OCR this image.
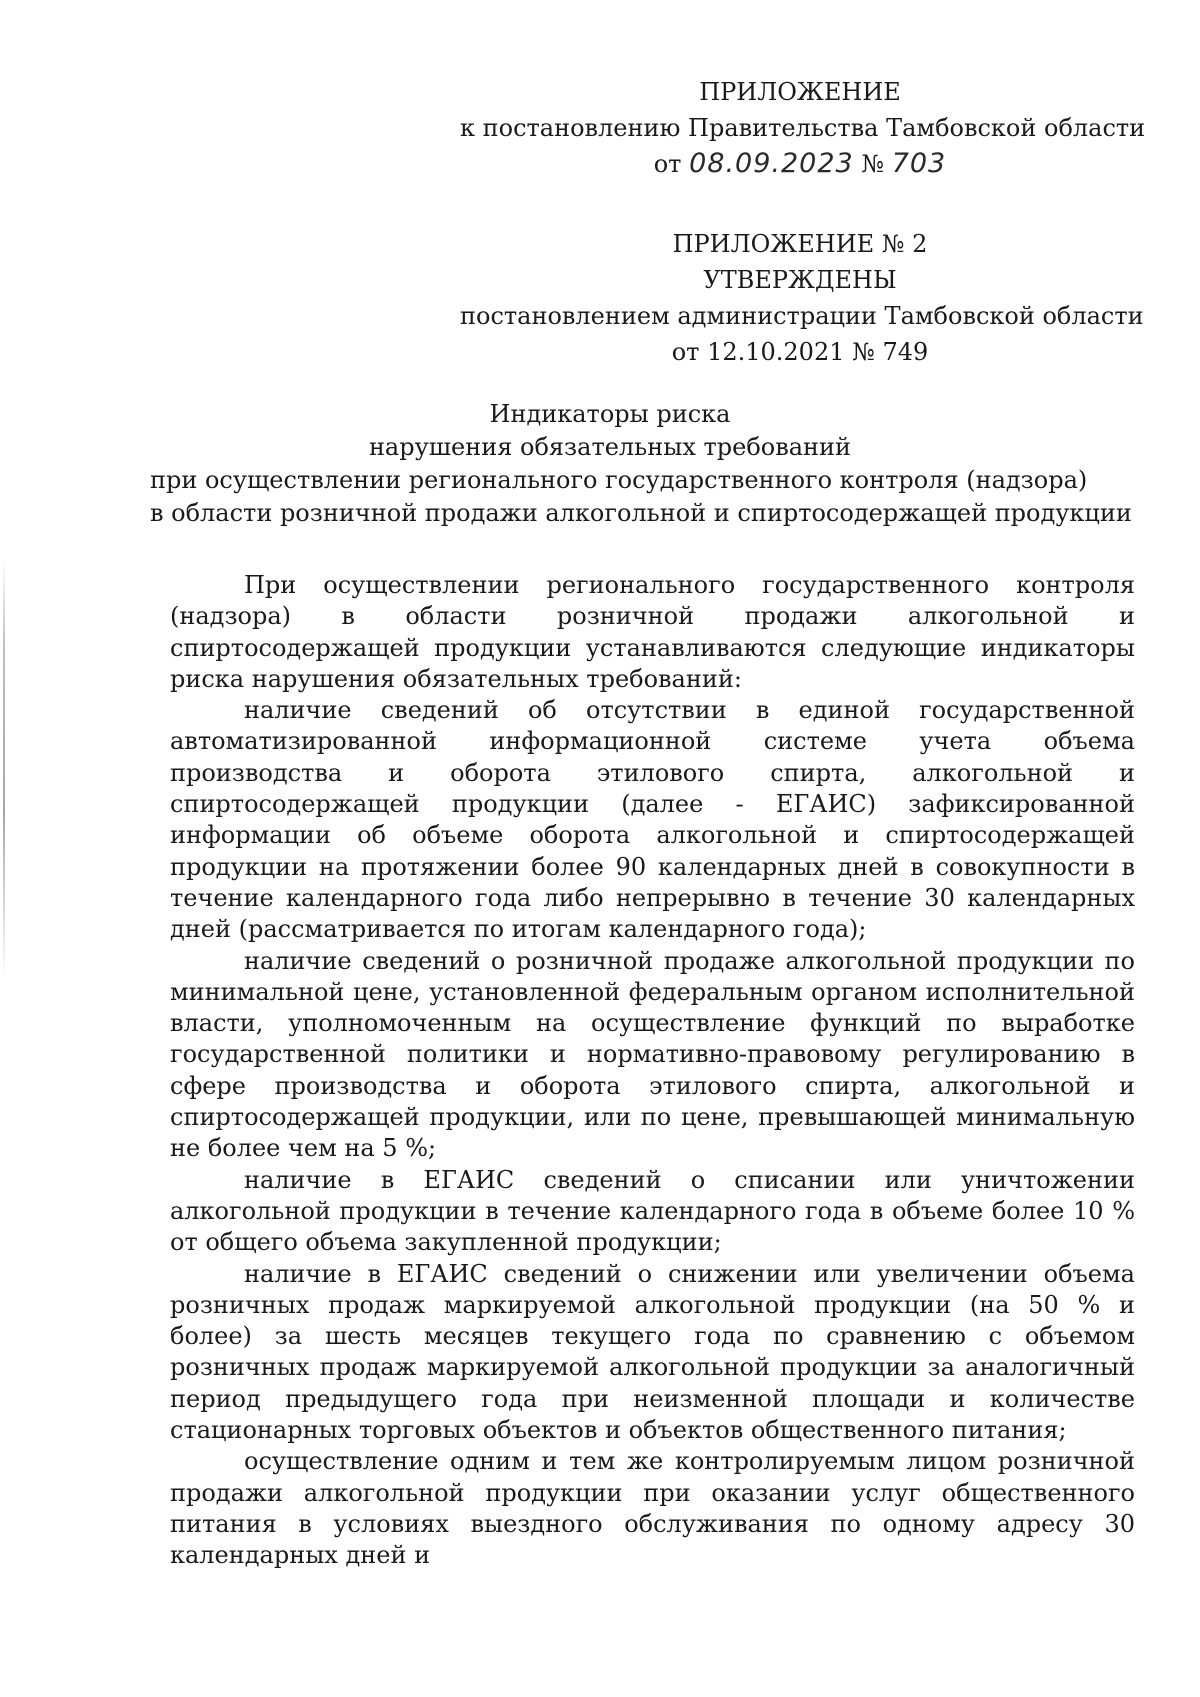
ПРИЛОЖЕНИЕ
к постановлению Правительства Тамбовской области
от 08.09.2023 № 703
ПРИЛОЖЕНИЕ № 2
УТВЕРЖДЕНЫ
постановлением администрации Тамбовской области
от 12.10.2021 № 749
Индикаторы риска
нарушения обязательных требований
при осуществлении регионального государственного контроля (надзора)
в области розничной продажи алкогольной и спиртосодержащей продукции

При осуществлении регионального государственного контроля (надзора) в области розничной продажи алкогольной и спиртосодержащей продукции устанавливаются следующие индикаторы риска нарушения обязательных требований:

наличие сведений об отсутствии в единой государственной автоматизированной информационной системе учета объема производства и оборота этилового спирта, алкогольной и спиртосодержащей продукции (далее - ЕГАИС) зафиксированной информации об объеме оборота алкогольной и спиртосодержащей продукции на протяжении более 90 календарных дней в совокупности в течение календарного года либо непрерывно в течение 30 календарных дней (рассматривается по итогам календарного года);

наличие сведений о розничной продаже алкогольной продукции по минимальной цене, установленной федеральным органом исполнительной власти, уполномоченным на осуществление функций по выработке государственной политики и нормативно-правовому регулированию в сфере производства и оборота этилового спирта, алкогольной и спиртосодержащей продукции, или по цене, превышающей минимальную не более чем на 5 %;

наличие в ЕГАИС сведений о списании или уничтожении алкогольной продукции в течение календарного года в объеме более 10 % от общего объема закупленной продукции;

наличие в ЕГАИС сведений о снижении или увеличении объема розничных продаж маркируемой алкогольной продукции (на 50 % и более) за шесть месяцев текущего года по сравнению с объемом розничных продаж маркируемой алкогольной продукции за аналогичный период предыдущего года при неизменной площади и количестве стационарных торговых объектов и объектов общественного питания;

осуществление одним и тем же контролируемым лицом розничной продажи алкогольной продукции при оказании услуг общественного питания в условиях выездного обслуживания по одному адресу 30 календарных дней и
